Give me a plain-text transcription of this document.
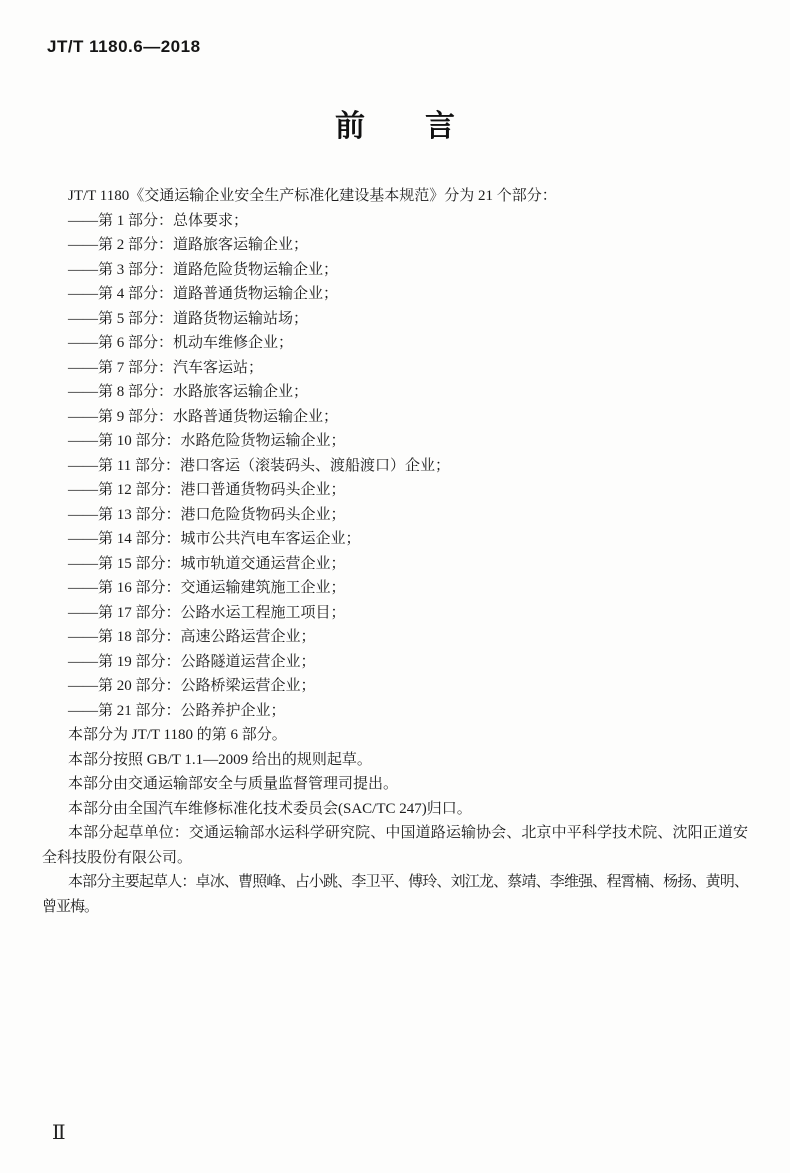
JT/T 1180.6—2018
前　　言

JT/T 1180《交通运输企业安全生产标准化建设基本规范》分为 21 个部分：

——第 1 部分：总体要求；

——第 2 部分：道路旅客运输企业；

——第 3 部分：道路危险货物运输企业；

——第 4 部分：道路普通货物运输企业；

——第 5 部分：道路货物运输站场；

——第 6 部分：机动车维修企业；

——第 7 部分：汽车客运站；

——第 8 部分：水路旅客运输企业；

——第 9 部分：水路普通货物运输企业；

——第 10 部分：水路危险货物运输企业；

——第 11 部分：港口客运（滚装码头、渡船渡口）企业；

——第 12 部分：港口普通货物码头企业；

——第 13 部分：港口危险货物码头企业；

——第 14 部分：城市公共汽电车客运企业；

——第 15 部分：城市轨道交通运营企业；

——第 16 部分：交通运输建筑施工企业；

——第 17 部分：公路水运工程施工项目；

——第 18 部分：高速公路运营企业；

——第 19 部分：公路隧道运营企业；

——第 20 部分：公路桥梁运营企业；

——第 21 部分：公路养护企业；

本部分为 JT/T 1180 的第 6 部分。

本部分按照 GB/T 1.1—2009 给出的规则起草。

本部分由交通运输部安全与质量监督管理司提出。

本部分由全国汽车维修标准化技术委员会(SAC/TC 247)归口。

本部分起草单位：交通运输部水运科学研究院、中国道路运输协会、北京中平科学技术院、沈阳正道安全科技股份有限公司。

本部分主要起草人：卓冰、曹照峰、占小跳、李卫平、傅玲、刘江龙、蔡靖、李维强、程霄楠、杨扬、黄明、曾亚梅。

Ⅱ
